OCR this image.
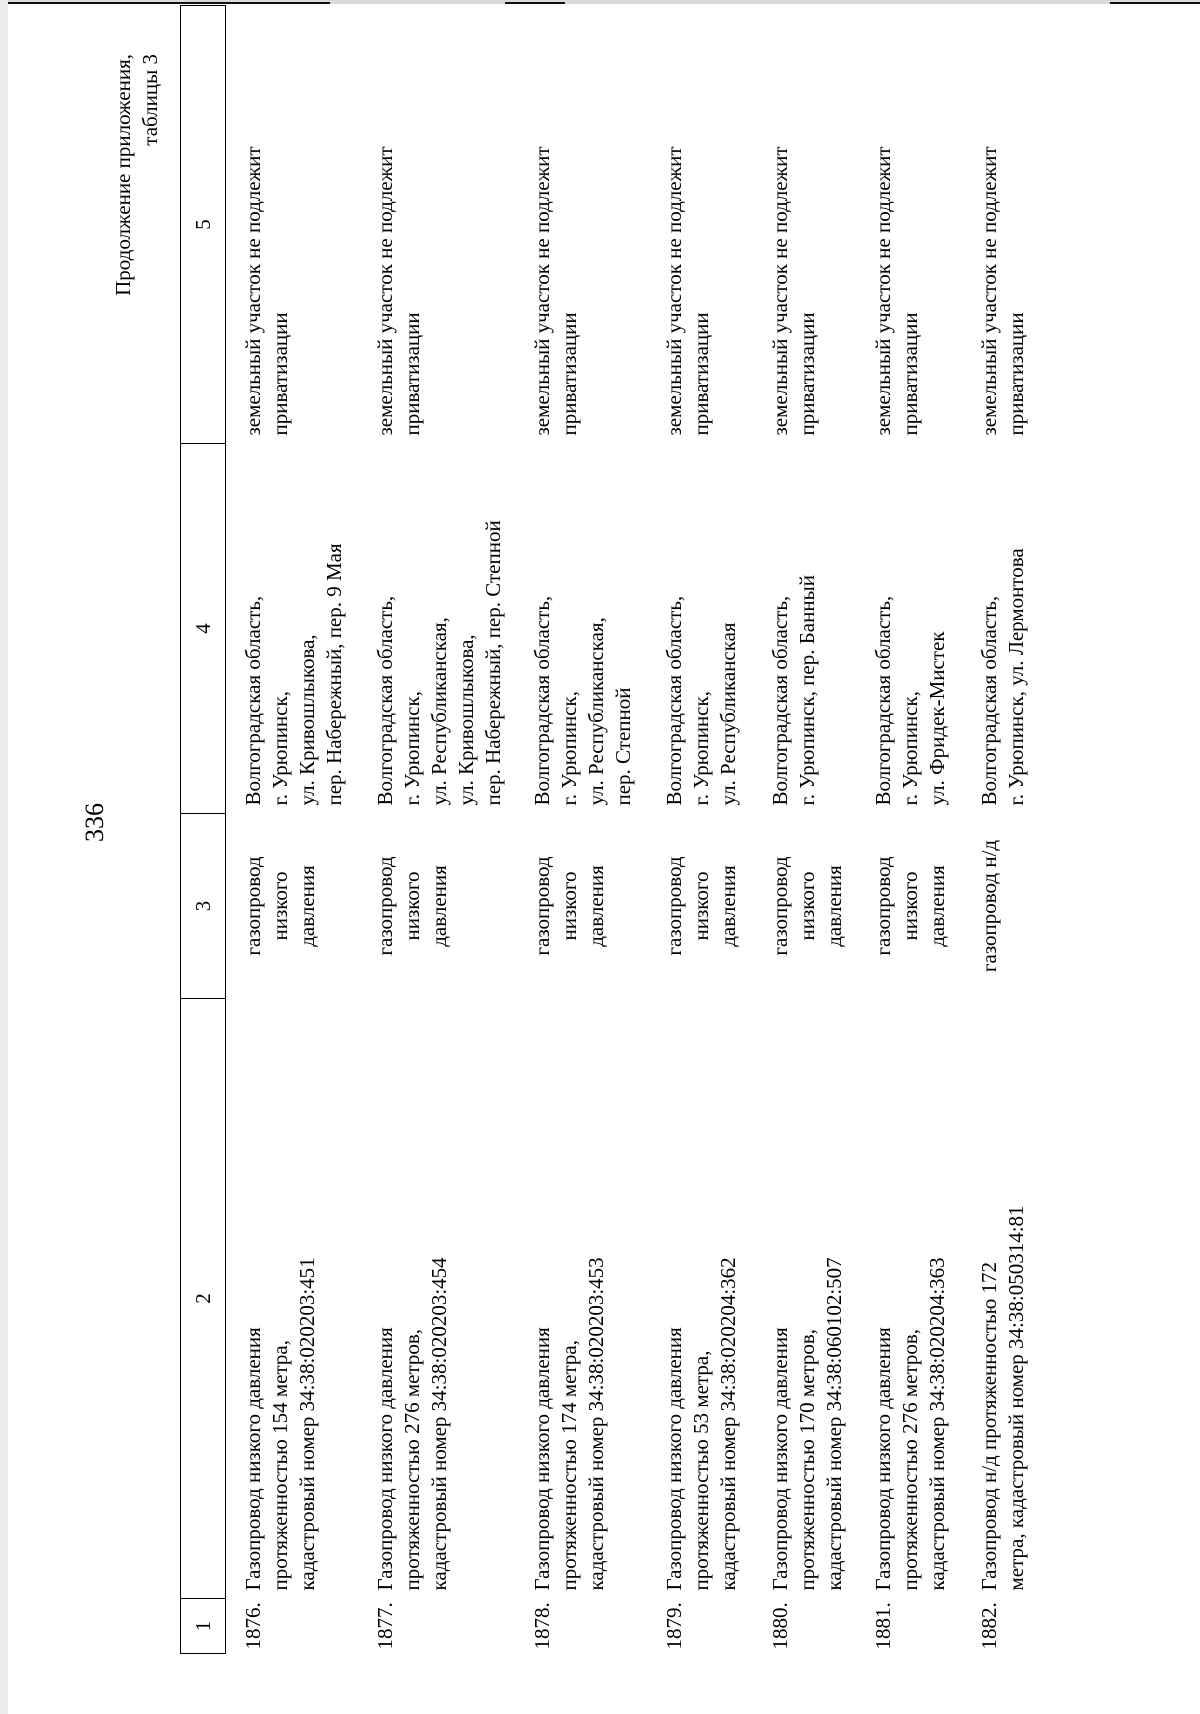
336
Продолжение приложения,
таблицы 3
1	2	3	4	5

1876.	Газопровод низкого давления
протяженностью 154 метра,
кадастровый номер 34:38:020203:451	газопровод низкого
давления	Волгоградская область,
г. Урюпинск,
ул. Кривошлыкова,
пер. Набережный, пер. 9 Мая	земельный участок не подлежит
приватизации

1877.	Газопровод низкого давления
протяженностью 276 метров,
кадастровый номер 34:38:020203:454	газопровод низкого
давления	Волгоградская область,
г. Урюпинск,
ул. Республиканская,
ул. Кривошлыкова,
пер. Набережный, пер. Степной	земельный участок не подлежит
приватизации

1878.	Газопровод низкого давления
протяженностью 174 метра,
кадастровый номер 34:38:020203:453	газопровод низкого
давления	Волгоградская область,
г. Урюпинск,
ул. Республиканская,
пер. Степной	земельный участок не подлежит
приватизации

1879.	Газопровод низкого давления
протяженностью 53 метра,
кадастровый номер 34:38:020204:362	газопровод низкого
давления	Волгоградская область,
г. Урюпинск,
ул. Республиканская	земельный участок не подлежит
приватизации

1880.	Газопровод низкого давления
протяженностью 170 метров,
кадастровый номер 34:38:060102:507	газопровод низкого
давления	Волгоградская область,
г. Урюпинск, пер. Банный	земельный участок не подлежит
приватизации

1881.	Газопровод низкого давления
протяженностью 276 метров,
кадастровый номер 34:38:020204:363	газопровод низкого
давления	Волгоградская область,
г. Урюпинск,
ул. Фридек-Мистек	земельный участок не подлежит
приватизации

1882.	Газопровод н/д протяженностью 172
метра, кадастровый номер 34:38:050314:81	газопровод н/д	Волгоградская область,
г. Урюпинск, ул. Лермонтова	земельный участок не подлежит
приватизации
